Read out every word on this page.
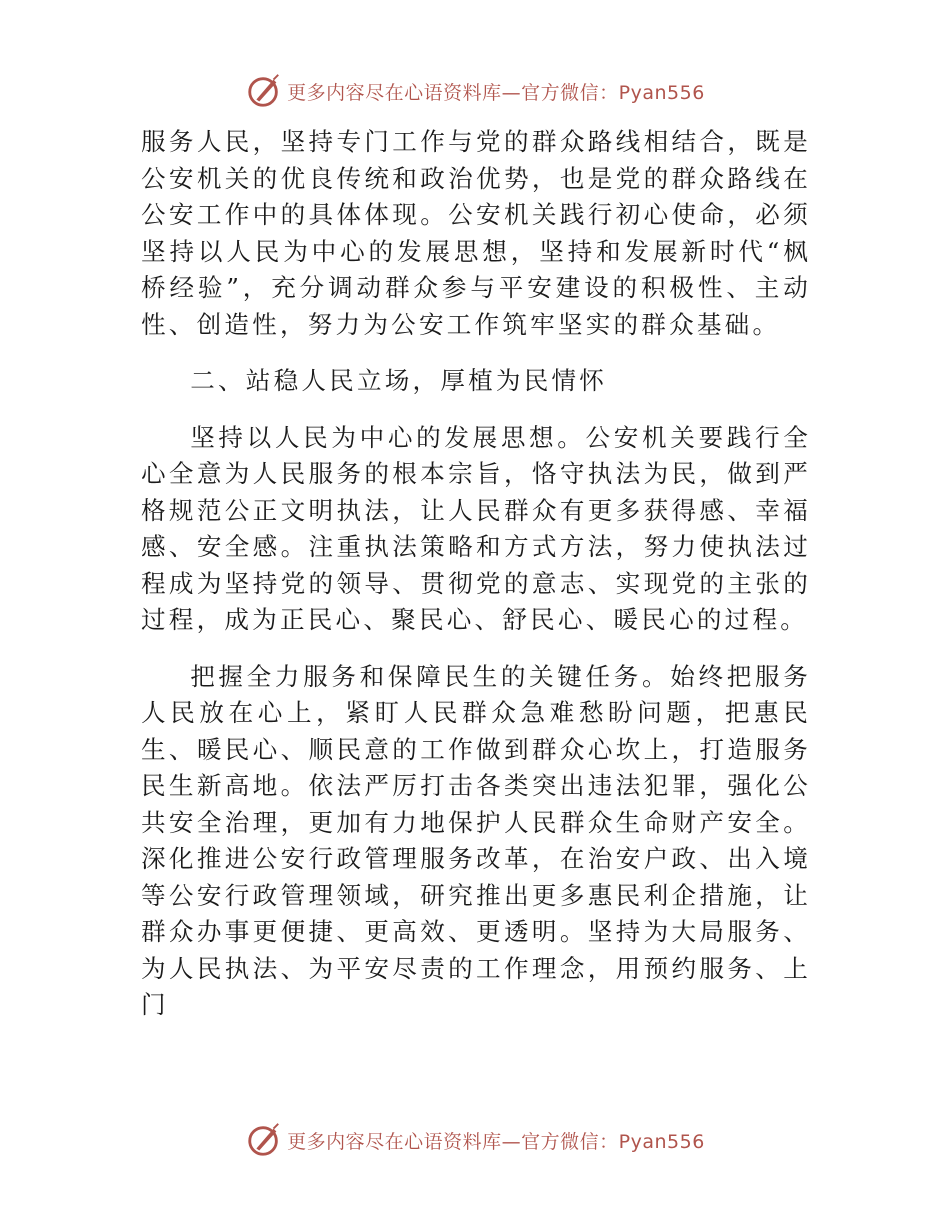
更多内容尽在心语资料库—官方微信：Pyan556

服务人民，坚持专门工作与党的群众路线相结合，既是公安机关的优良传统和政治优势，也是党的群众路线在公安工作中的具体体现。公安机关践行初心使命，必须坚持以人民为中心的发展思想，坚持和发展新时代“枫桥经验”，充分调动群众参与平安建设的积极性、主动性、创造性，努力为公安工作筑牢坚实的群众基础。

二、站稳人民立场，厚植为民情怀

坚持以人民为中心的发展思想。公安机关要践行全心全意为人民服务的根本宗旨，恪守执法为民，做到严格规范公正文明执法，让人民群众有更多获得感、幸福感、安全感。注重执法策略和方式方法，努力使执法过程成为坚持党的领导、贯彻党的意志、实现党的主张的过程，成为正民心、聚民心、舒民心、暖民心的过程。

把握全力服务和保障民生的关键任务。始终把服务人民放在心上，紧盯人民群众急难愁盼问题，把惠民生、暖民心、顺民意的工作做到群众心坎上，打造服务民生新高地。依法严厉打击各类突出违法犯罪，强化公共安全治理，更加有力地保护人民群众生命财产安全。深化推进公安行政管理服务改革，在治安户政、出入境等公安行政管理领域，研究推出更多惠民利企措施，让群众办事更便捷、更高效、更透明。坚持为大局服务、为人民执法、为平安尽责的工作理念，用预约服务、上门

更多内容尽在心语资料库—官方微信：Pyan556
